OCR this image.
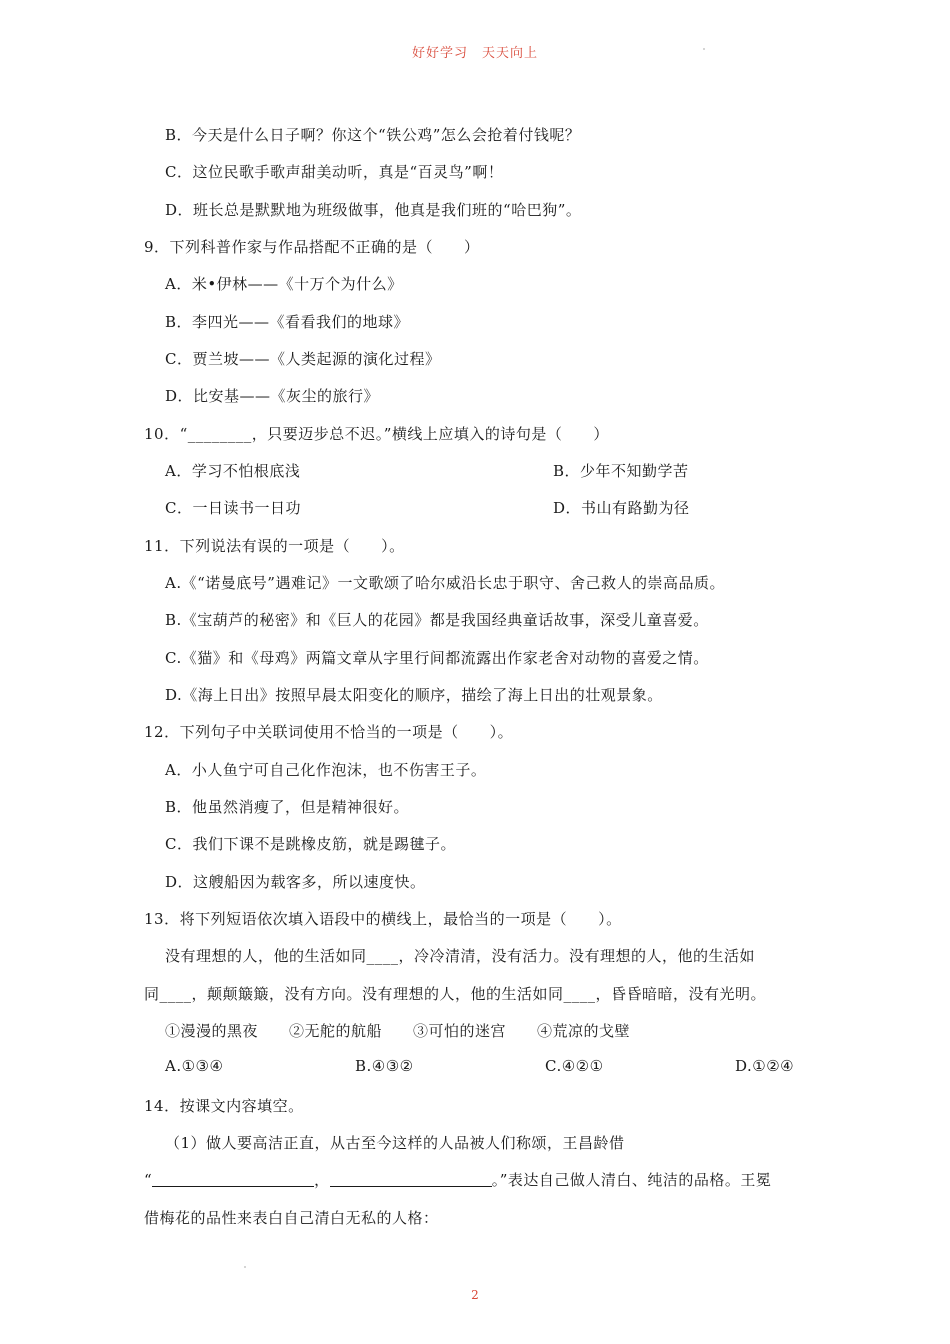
好好学习 天天向上
B．今天是什么日子啊？你这个“铁公鸡”怎么会抢着付钱呢？
C．这位民歌手歌声甜美动听，真是“百灵鸟”啊！
D．班长总是默默地为班级做事，他真是我们班的“哈巴狗”。
9．下列科普作家与作品搭配不正确的是（　　）
A．米•伊林——《十万个为什么》
B．李四光——《看看我们的地球》
C．贾兰坡——《人类起源的演化过程》
D．比安基——《灰尘的旅行》
10．“________，只要迈步总不迟。”横线上应填入的诗句是（　　）
A．学习不怕根底浅	B．少年不知勤学苦
C．一日读书一日功	D．书山有路勤为径
11．下列说法有误的一项是（　　）。
A.《“诺曼底号”遇难记》一文歌颂了哈尔威沿长忠于职守、舍己救人的崇高品质。
B.《宝葫芦的秘密》和《巨人的花园》都是我国经典童话故事，深受儿童喜爱。
C.《猫》和《母鸡》两篇文章从字里行间都流露出作家老舍对动物的喜爱之情。
D.《海上日出》按照早晨太阳变化的顺序，描绘了海上日出的壮观景象。
12．下列句子中关联词使用不恰当的一项是（　　）。
A．小人鱼宁可自己化作泡沫，也不伤害王子。
B．他虽然消瘦了，但是精神很好。
C．我们下课不是跳橡皮筋，就是踢毽子。
D．这艘船因为载客多，所以速度快。
13．将下列短语依次填入语段中的横线上，最恰当的一项是（　　）。
没有理想的人，他的生活如同____，冷冷清清，没有活力。没有理想的人，他的生活如
同____，颠颠簸簸，没有方向。没有理想的人，他的生活如同____，昏昏暗暗，没有光明。
①漫漫的黑夜　　②无舵的航船　　③可怕的迷宫　　④荒凉的戈壁
A.①③④	B.④③②	C.④②①	D.①②④
14．按课文内容填空。
（1）做人要高洁正直，从古至今这样的人品被人们称颂，王昌龄借
“	，	。”表达自己做人清白、纯洁的品格。王冕
借梅花的品性来表白自己清白无私的人格：
2
